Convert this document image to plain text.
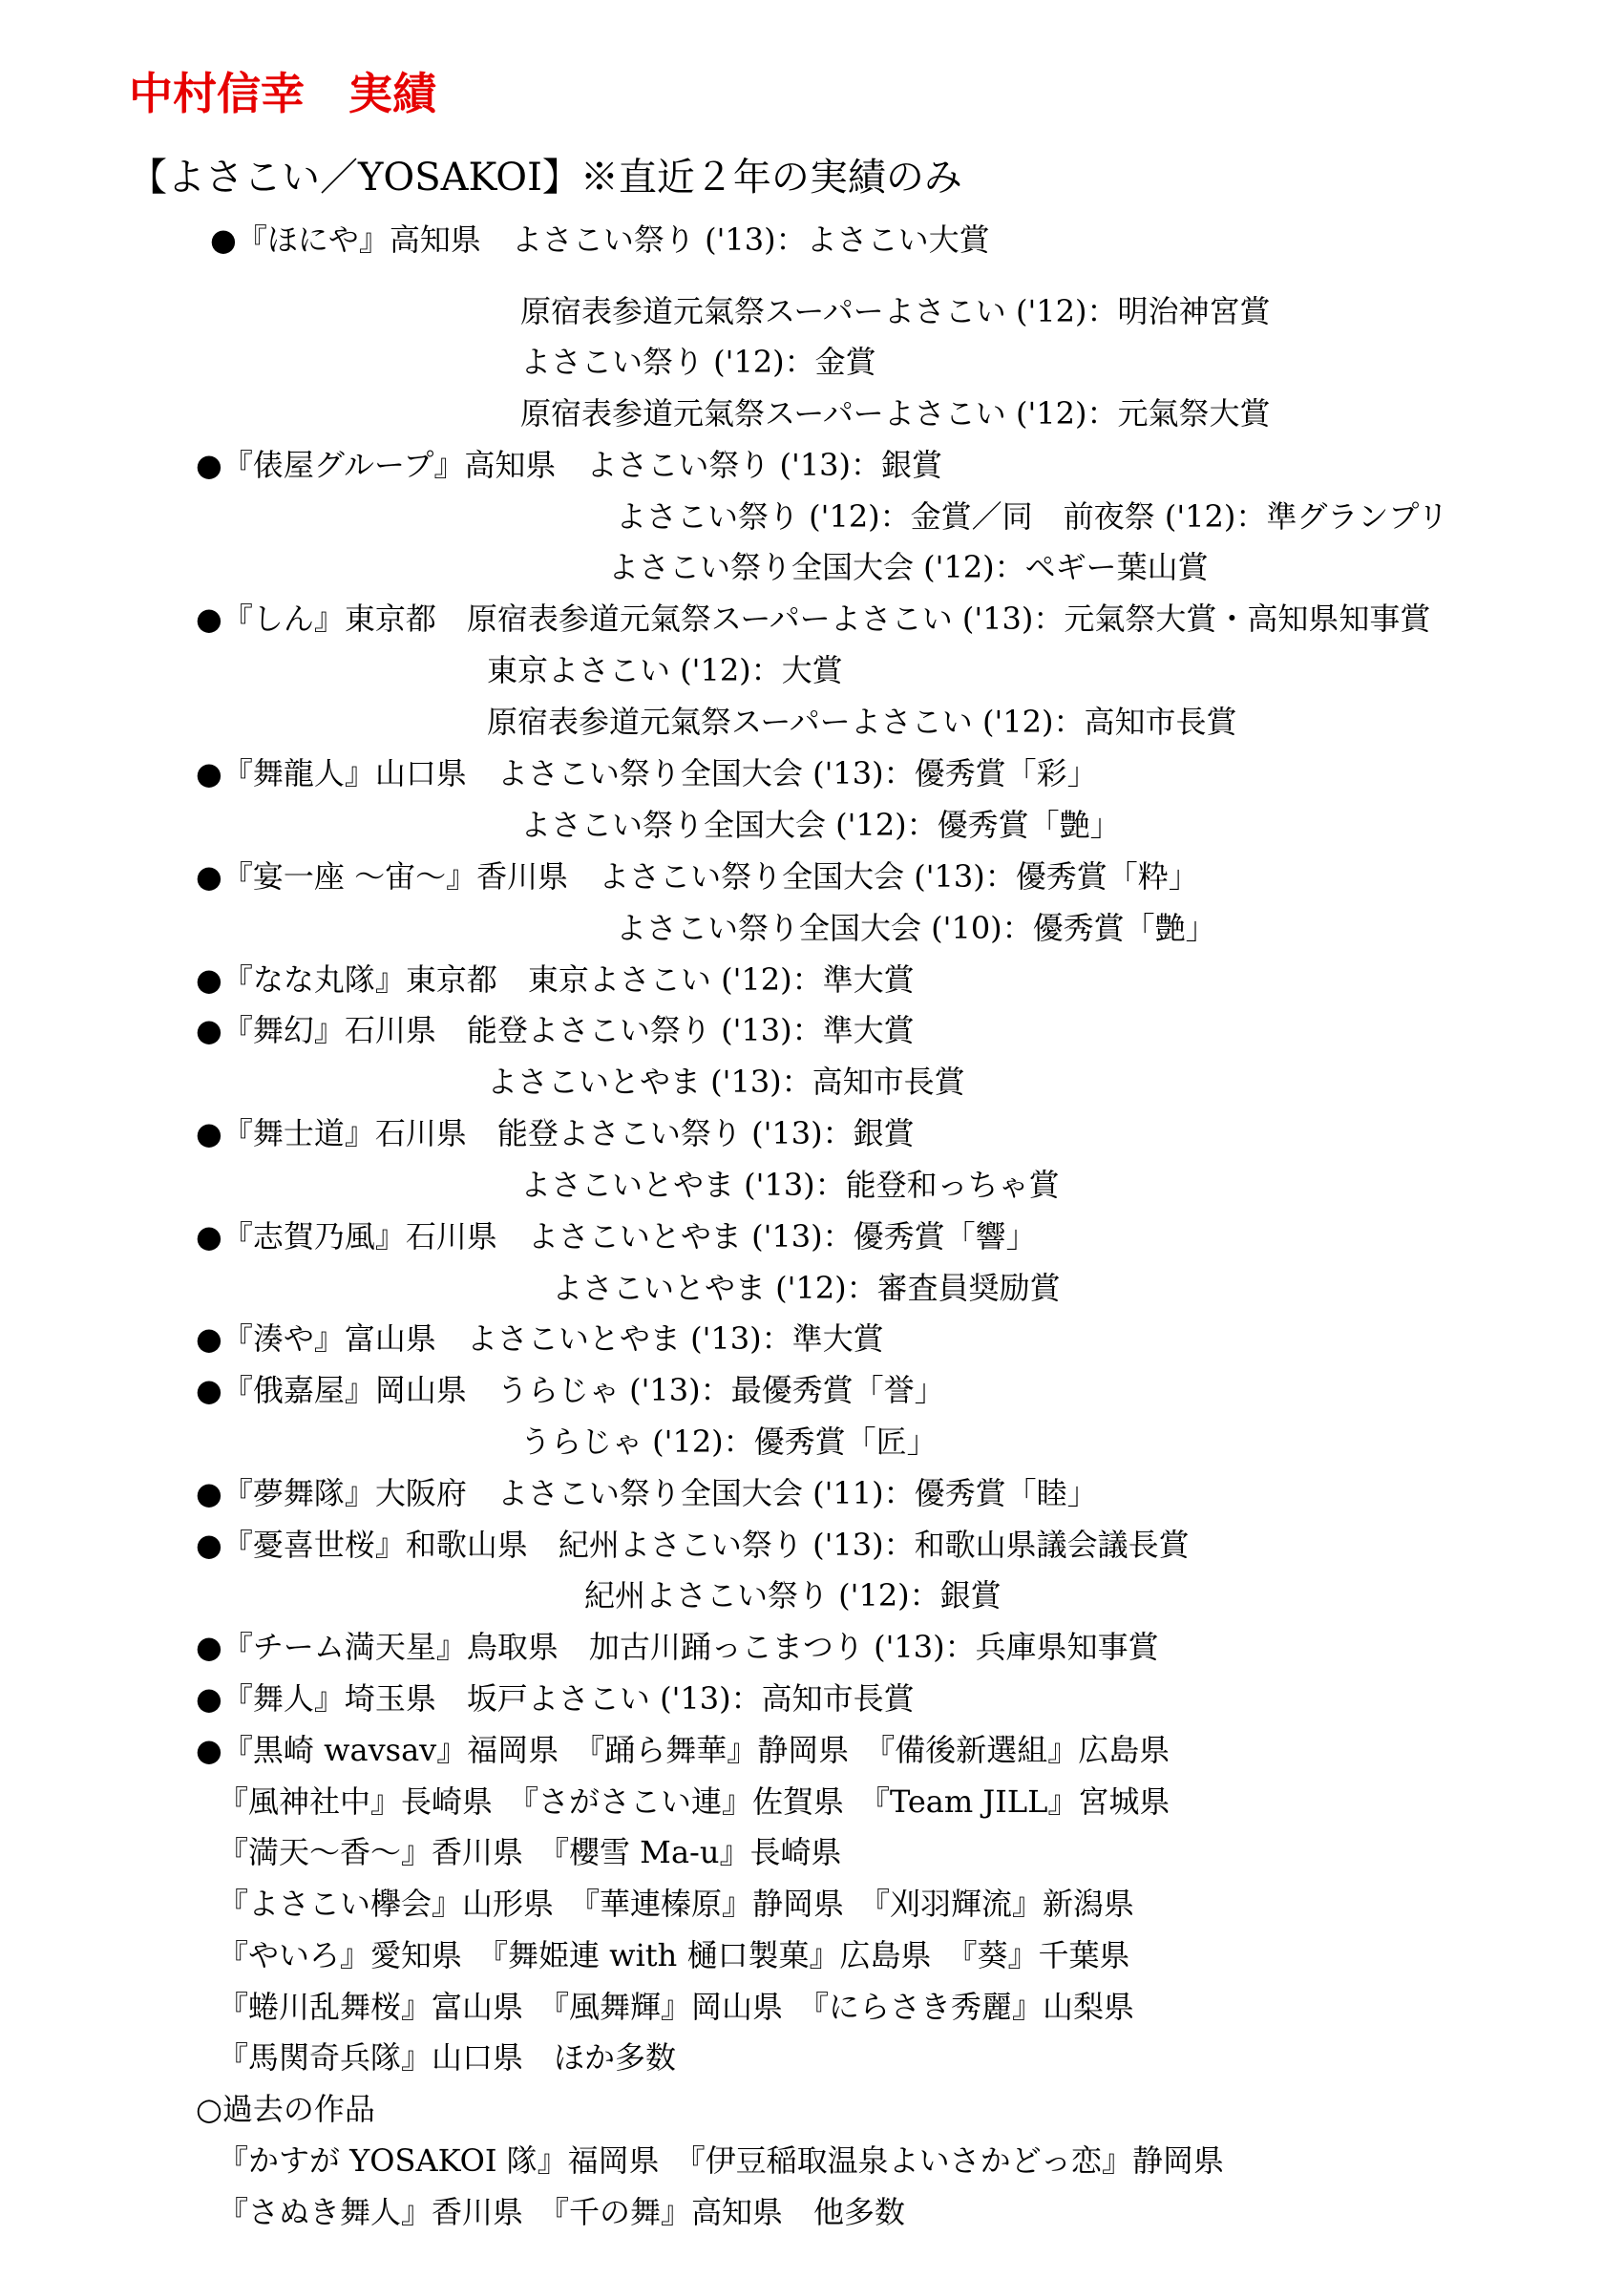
中村信幸 実績
【よさこい／YOSAKOI】※直近２年の実績のみ
●『ほにや』高知県　よさこい祭り ('13)：よさこい大賞
原宿表参道元氣祭スーパーよさこい ('12)：明治神宮賞
よさこい祭り ('12)：金賞
原宿表参道元氣祭スーパーよさこい ('12)：元氣祭大賞
●『俵屋グループ』高知県　よさこい祭り ('13)：銀賞
よさこい祭り ('12)：金賞／同　前夜祭 ('12)：準グランプリ
よさこい祭り全国大会 ('12)：ペギー葉山賞
●『しん』東京都　原宿表参道元氣祭スーパーよさこい ('13)：元氣祭大賞・高知県知事賞
東京よさこい ('12)：大賞
原宿表参道元氣祭スーパーよさこい ('12)：高知市長賞
●『舞龍人』山口県　よさこい祭り全国大会 ('13)：優秀賞「彩」
よさこい祭り全国大会 ('12)：優秀賞「艶」
●『宴一座 ～宙～』香川県　よさこい祭り全国大会 ('13)：優秀賞「粋」
よさこい祭り全国大会 ('10)：優秀賞「艶」
●『なな丸隊』東京都　東京よさこい ('12)：準大賞
●『舞幻』石川県　能登よさこい祭り ('13)：準大賞
よさこいとやま ('13)：高知市長賞
●『舞士道』石川県　能登よさこい祭り ('13)：銀賞
よさこいとやま ('13)：能登和っちゃ賞
●『志賀乃風』石川県　よさこいとやま ('13)：優秀賞「響」
よさこいとやま ('12)：審査員奨励賞
●『湊や』富山県　よさこいとやま ('13)：準大賞
●『俄嘉屋』岡山県　うらじゃ ('13)：最優秀賞「誉」
うらじゃ ('12)：優秀賞「匠」
●『夢舞隊』大阪府　よさこい祭り全国大会 ('11)：優秀賞「睦」
●『憂喜世桜』和歌山県　紀州よさこい祭り ('13)：和歌山県議会議長賞
紀州よさこい祭り ('12)：銀賞
●『チーム満天星』鳥取県　加古川踊っこまつり ('13)：兵庫県知事賞
●『舞人』埼玉県　坂戸よさこい ('13)：高知市長賞
●『黒崎 wavsav』福岡県　『踊ら舞華』静岡県　『備後新選組』広島県
『風神社中』長崎県　『さがさこい連』佐賀県　『Team JILL』宮城県
『満天～香～』香川県　『櫻雪 Ma-u』長崎県
『よさこい欅会』山形県　『華連榛原』静岡県　『刈羽輝流』新潟県
『やいろ』愛知県　『舞姫連 with 樋口製菓』広島県　『葵』千葉県
『蜷川乱舞桜』富山県　『風舞輝』岡山県　『にらさき秀麗』山梨県
『馬関奇兵隊』山口県　ほか多数
○過去の作品
『かすが YOSAKOI 隊』福岡県　『伊豆稲取温泉よいさかどっ恋』静岡県
『さぬき舞人』香川県　『千の舞』高知県　他多数
